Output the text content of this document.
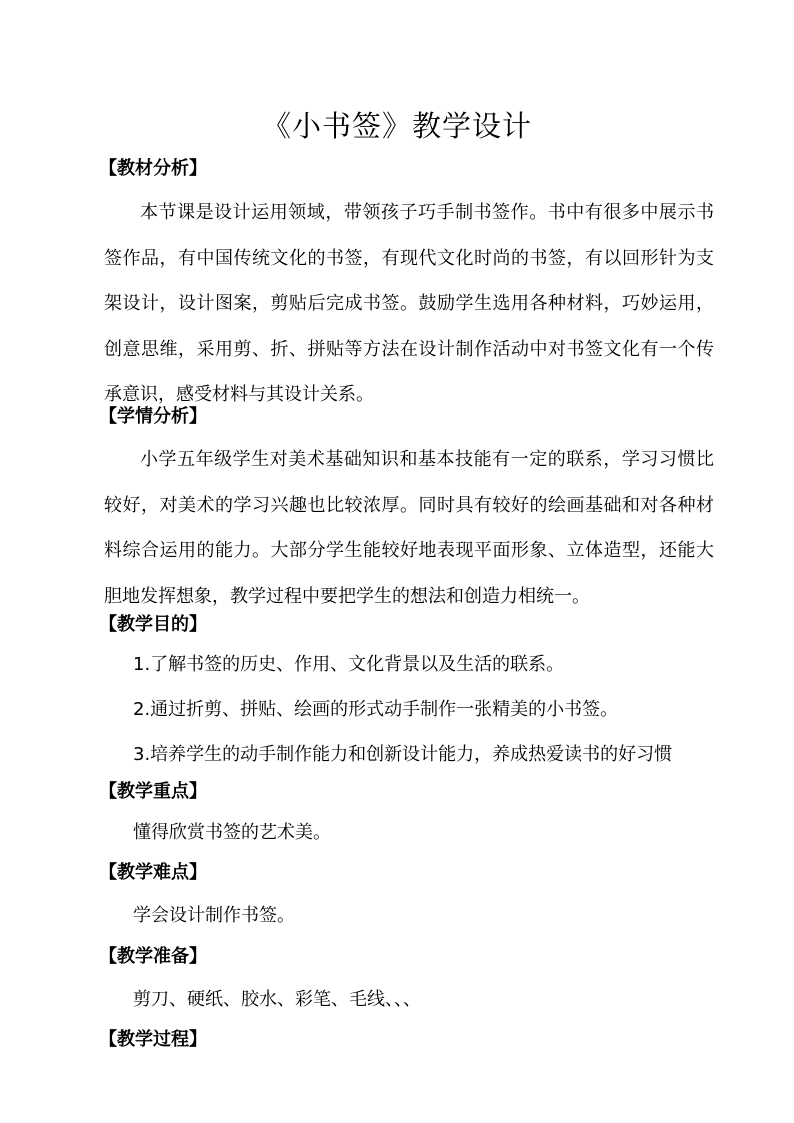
《小书签》教学设计
【教材分析】
本节课是设计运用领域，带领孩子巧手制书签作。书中有很多中展示书签作品，有中国传统文化的书签，有现代文化时尚的书签，有以回形针为支架设计，设计图案，剪贴后完成书签。鼓励学生选用各种材料，巧妙运用，创意思维，采用剪、折、拼贴等方法在设计制作活动中对书签文化有一个传承意识，感受材料与其设计关系。
【学情分析】
小学五年级学生对美术基础知识和基本技能有一定的联系，学习习惯比较好，对美术的学习兴趣也比较浓厚。同时具有较好的绘画基础和对各种材料综合运用的能力。大部分学生能较好地表现平面形象、立体造型，还能大胆地发挥想象，教学过程中要把学生的想法和创造力相统一。
【教学目的】
1.了解书签的历史、作用、文化背景以及生活的联系。
2.通过折剪、拼贴、绘画的形式动手制作一张精美的小书签。
3.培养学生的动手制作能力和创新设计能力，养成热爱读书的好习惯
【教学重点】
懂得欣赏书签的艺术美。
【教学难点】
学会设计制作书签。
【教学准备】
剪刀、硬纸、胶水、彩笔、毛线、、、
【教学过程】
